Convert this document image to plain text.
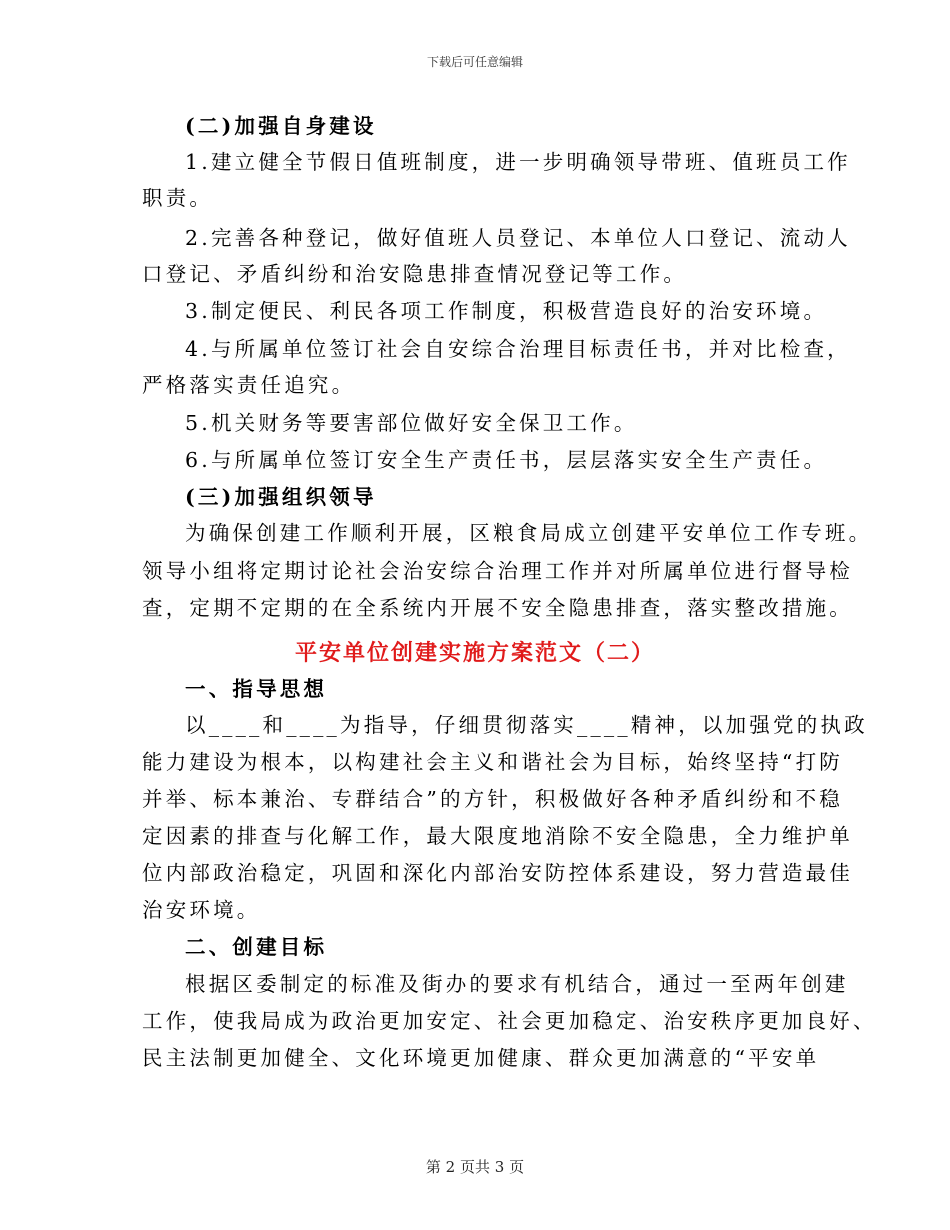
下载后可任意编辑
(二)加强自身建设
1.建立健全节假日值班制度，进一步明确领导带班、值班员工作
职责。
2.完善各种登记，做好值班人员登记、本单位人口登记、流动人
口登记、矛盾纠纷和治安隐患排查情况登记等工作。
3.制定便民、利民各项工作制度，积极营造良好的治安环境。
4.与所属单位签订社会自安综合治理目标责任书，并对比检查，
严格落实责任追究。
5.机关财务等要害部位做好安全保卫工作。
6.与所属单位签订安全生产责任书，层层落实安全生产责任。
(三)加强组织领导
为确保创建工作顺利开展，区粮食局成立创建平安单位工作专班。
领导小组将定期讨论社会治安综合治理工作并对所属单位进行督导检
查，定期不定期的在全系统内开展不安全隐患排查，落实整改措施。
平安单位创建实施方案范文（二）
一、指导思想
以____和____为指导，仔细贯彻落实____精神，以加强党的执政
能力建设为根本，以构建社会主义和谐社会为目标，始终坚持“打防
并举、标本兼治、专群结合”的方针，积极做好各种矛盾纠纷和不稳
定因素的排查与化解工作，最大限度地消除不安全隐患，全力维护单
位内部政治稳定，巩固和深化内部治安防控体系建设，努力营造最佳
治安环境。
二、创建目标
根据区委制定的标准及街办的要求有机结合，通过一至两年创建
工作，使我局成为政治更加安定、社会更加稳定、治安秩序更加良好、
民主法制更加健全、文化环境更加健康、群众更加满意的“平安单
第 2 页共 3 页
